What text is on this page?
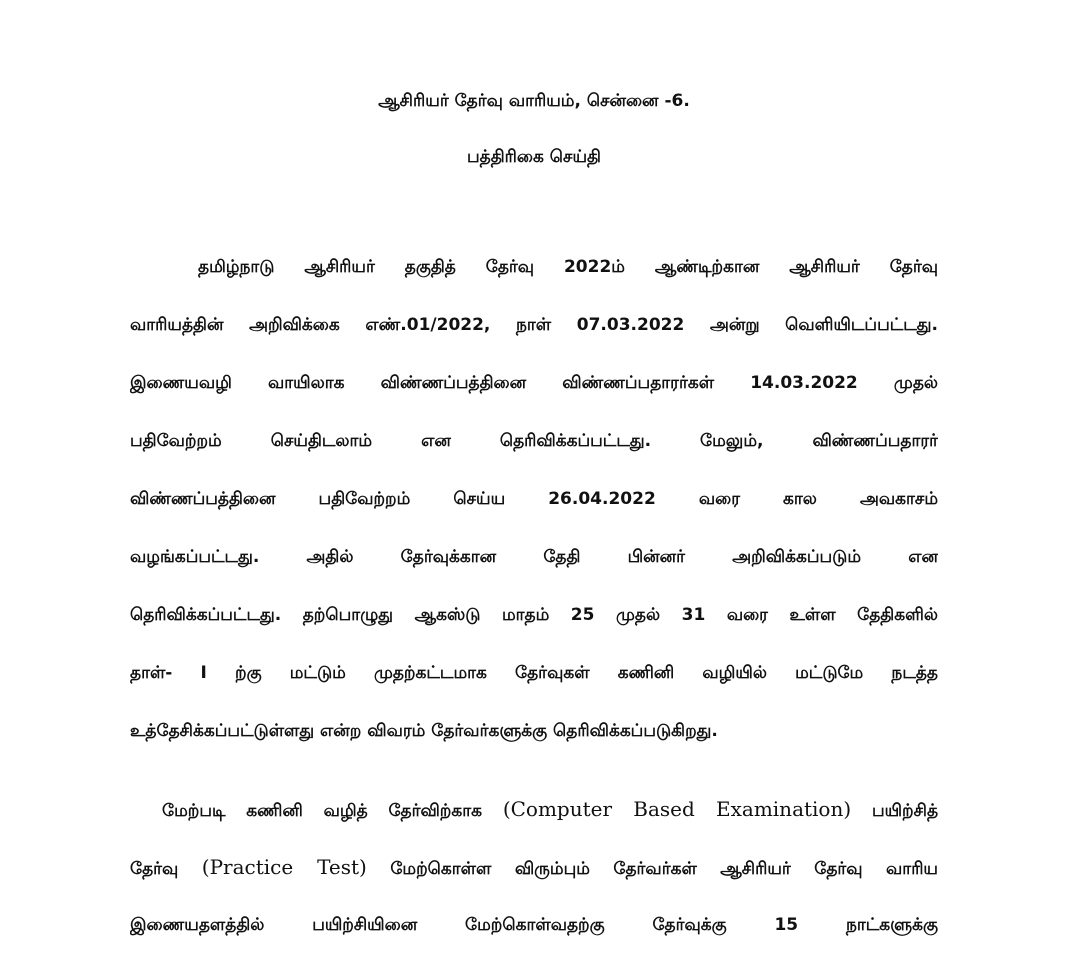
ஆசிரியர் தேர்வு வாரியம், சென்னை -6.
பத்திரிகை செய்தி
தமிழ்நாடு ஆசிரியர் தகுதித் தேர்வு 2022ம் ஆண்டிற்கான ஆசிரியர் தேர்வு
வாரியத்தின் அறிவிக்கை எண்.01/2022, நாள் 07.03.2022 அன்று வெளியிடப்பட்டது.
இணையவழி வாயிலாக விண்ணப்பத்தினை விண்ணப்பதாரர்கள் 14.03.2022 முதல்
பதிவேற்றம் செய்திடலாம் என தெரிவிக்கப்பட்டது. மேலும், விண்ணப்பதாரர்
விண்ணப்பத்தினை பதிவேற்றம் செய்ய 26.04.2022 வரை கால அவகாசம்
வழங்கப்பட்டது. அதில் தேர்வுக்கான தேதி பின்னர் அறிவிக்கப்படும் என
தெரிவிக்கப்பட்டது. தற்பொழுது ஆகஸ்டு மாதம் 25 முதல் 31 வரை உள்ள தேதிகளில்
தாள்- I ற்கு மட்டும் முதற்கட்டமாக தேர்வுகள் கணினி வழியில் மட்டுமே நடத்த
உத்தேசிக்கப்பட்டுள்ளது என்ற விவரம் தேர்வர்களுக்கு தெரிவிக்கப்படுகிறது.
மேற்படி கணினி வழித் தேர்விற்காக (Computer Based Examination) பயிற்சித்
தேர்வு (Practice Test) மேற்கொள்ள விரும்பும் தேர்வர்கள் ஆசிரியர் தேர்வு வாரிய
இணையதளத்தில் பயிற்சியினை மேற்கொள்வதற்கு தேர்வுக்கு 15 நாட்களுக்கு
